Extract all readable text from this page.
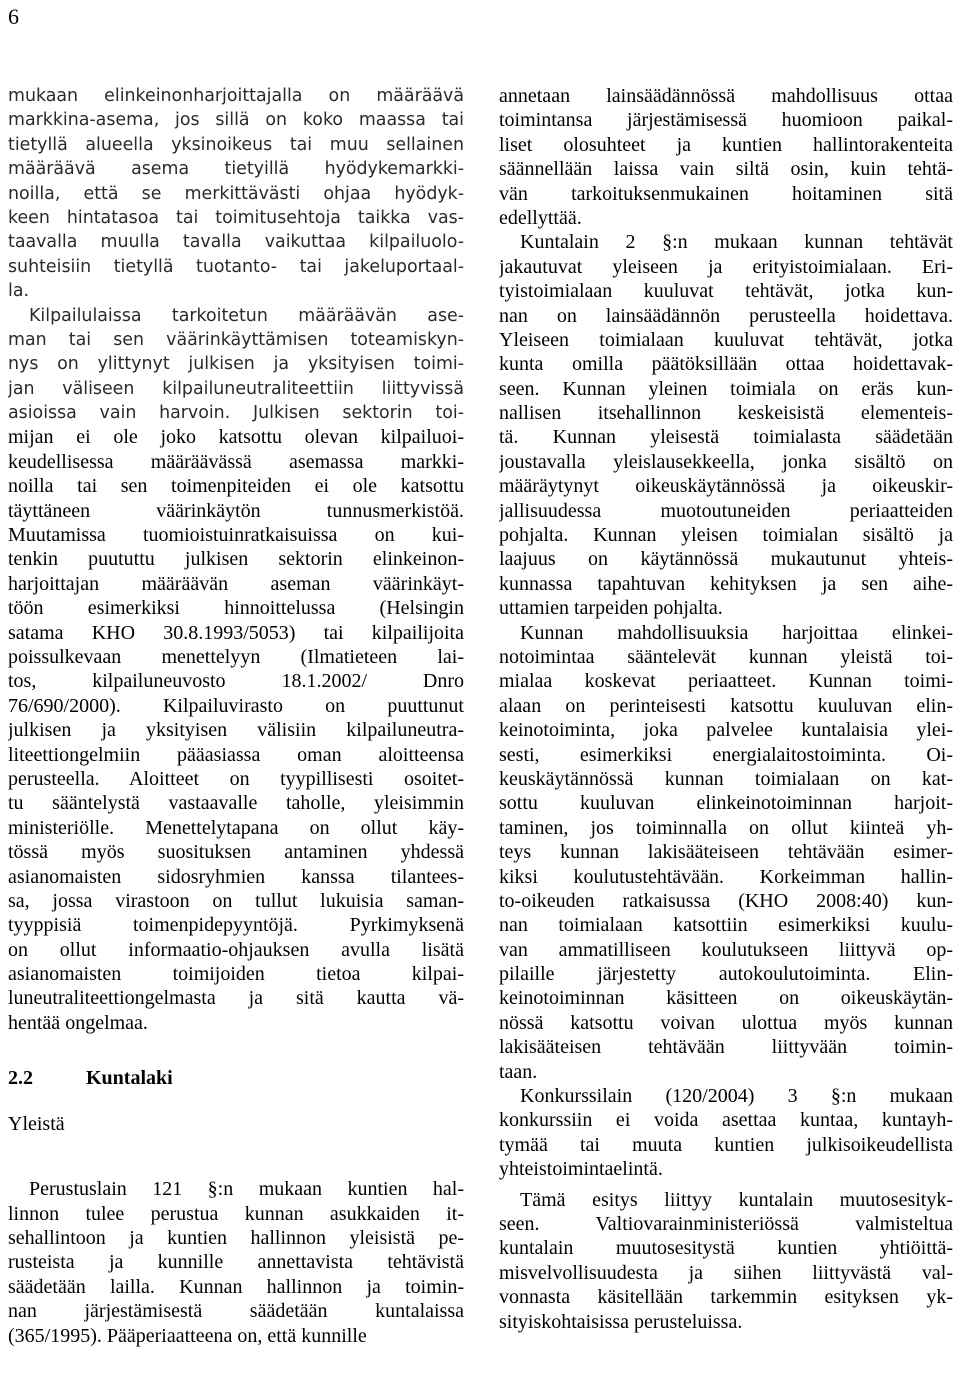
6
mukaan elinkeinonharjoittajalla on määräävä
markkina-asema, jos sillä on koko maassa tai
tietyllä alueella yksinoikeus tai muu sellainen
määräävä asema tietyillä hyödykemarkki-
noilla, että se merkittävästi ohjaa hyödyk-
keen hintatasoa tai toimitusehtoja taikka vas-
taavalla muulla tavalla vaikuttaa kilpailuolo-
suhteisiin tietyllä tuotanto- tai jakeluportaal-
la.
Kilpailulaissa tarkoitetun määräävän ase-
man tai sen väärinkäyttämisen toteamiskyn-
nys on ylittynyt julkisen ja yksityisen toimi-
jan väliseen kilpailuneutraliteettiin liittyvissä
asioissa vain harvoin. Julkisen sektorin toi-
mijan ei ole joko katsottu olevan kilpailuoi-
keudellisessa määräävässä asemassa markki-
noilla tai sen toimenpiteiden ei ole katsottu
täyttäneen väärinkäytön tunnusmerkistöä.
Muutamissa tuomioistuinratkaisuissa on kui-
tenkin puututtu julkisen sektorin elinkeinon-
harjoittajan määräävän aseman väärinkäyt-
töön esimerkiksi hinnoittelussa (Helsingin
satama KHO 30.8.1993/5053) tai kilpailijoita
poissulkevaan menettelyyn (Ilmatieteen lai-
tos, kilpailuneuvosto 18.1.2002/ Dnro
76/690/2000). Kilpailuvirasto on puuttunut
julkisen ja yksityisen välisiin kilpailuneutra-
liteettiongelmiin pääasiassa oman aloitteensa
perusteella. Aloitteet on tyypillisesti osoitet-
tu sääntelystä vastaavalle taholle, yleisimmin
ministeriölle. Menettelytapana on ollut käy-
tössä myös suosituksen antaminen yhdessä
asianomaisten sidosryhmien kanssa tilantees-
sa, jossa virastoon on tullut lukuisia saman-
tyyppisiä toimenpidepyyntöjä. Pyrkimyksenä
on ollut informaatio-ohjauksen avulla lisätä
asianomaisten toimijoiden tietoa kilpai-
luneutraliteettiongelmasta ja sitä kautta vä-
hentää ongelmaa.
2.2	Kuntalaki
Yleistä
Perustuslain 121 §:n mukaan kuntien hal-
linnon tulee perustua kunnan asukkaiden it-
sehallintoon ja kuntien hallinnon yleisistä pe-
rusteista ja kunnille annettavista tehtävistä
säädetään lailla. Kunnan hallinnon ja toimin-
nan järjestämisestä säädetään kuntalaissa
(365/1995). Pääperiaatteena on, että kunnille
annetaan lainsäädännössä mahdollisuus ottaa
toimintansa järjestämisessä huomioon paikal-
liset olosuhteet ja kuntien hallintorakenteita
säännellään laissa vain siltä osin, kuin tehtä-
vän tarkoituksenmukainen hoitaminen sitä
edellyttää.
Kuntalain 2 §:n mukaan kunnan tehtävät
jakautuvat yleiseen ja erityistoimialaan. Eri-
tyistoimialaan kuuluvat tehtävät, jotka kun-
nan on lainsäädännön perusteella hoidettava.
Yleiseen toimialaan kuuluvat tehtävät, jotka
kunta omilla päätöksillään ottaa hoidettavak-
seen. Kunnan yleinen toimiala on eräs kun-
nallisen itsehallinnon keskeisistä elementeis-
tä. Kunnan yleisestä toimialasta säädetään
joustavalla yleislausekkeella, jonka sisältö on
määräytynyt oikeuskäytännössä ja oikeuskir-
jallisuudessa muotoutuneiden periaatteiden
pohjalta. Kunnan yleisen toimialan sisältö ja
laajuus on käytännössä mukautunut yhteis-
kunnassa tapahtuvan kehityksen ja sen aihe-
uttamien tarpeiden pohjalta.
Kunnan mahdollisuuksia harjoittaa elinkei-
notoimintaa sääntelevät kunnan yleistä toi-
mialaa koskevat periaatteet. Kunnan toimi-
alaan on perinteisesti katsottu kuuluvan elin-
keinotoiminta, joka palvelee kuntalaisia ylei-
sesti, esimerkiksi energialaitostoiminta. Oi-
keuskäytännössä kunnan toimialaan on kat-
sottu kuuluvan elinkeinotoiminnan harjoit-
taminen, jos toiminnalla on ollut kiinteä yh-
teys kunnan lakisääteiseen tehtävään esimer-
kiksi koulutustehtävään. Korkeimman hallin-
to-oikeuden ratkaisussa (KHO 2008:40) kun-
nan toimialaan katsottiin esimerkiksi kuulu-
van ammatilliseen koulutukseen liittyvä op-
pilaille järjestetty autokoulutoiminta. Elin-
keinotoiminnan käsitteen on oikeuskäytän-
nössä katsottu voivan ulottua myös kunnan
lakisääteisen tehtävään liittyvään toimin-
taan.
Konkurssilain (120/2004) 3 §:n mukaan
konkurssiin ei voida asettaa kuntaa, kuntayh-
tymää tai muuta kuntien julkisoikeudellista
yhteistoimintaelintä.
Tämä esitys liittyy kuntalain muutosesityk-
seen. Valtiovarainministeriössä valmisteltua
kuntalain muutosesitystä kuntien yhtiöittä-
misvelvollisuudesta ja siihen liittyvästä val-
vonnasta käsitellään tarkemmin esityksen yk-
sityiskohtaisissa perusteluissa.
